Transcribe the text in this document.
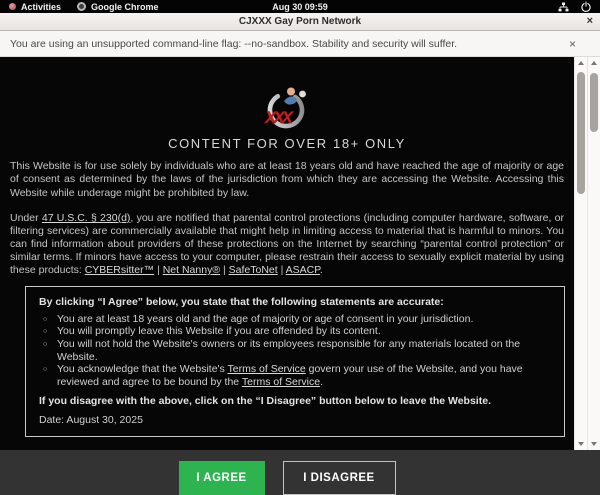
Activities	Google Chrome	Aug 30 09:59
CJXXX Gay Porn Network	×
You are using an unsupported command-line flag: --no-sandbox. Stability and security will suffer.	×
XXX
CONTENT FOR OVER 18+ ONLY

This Website is for use solely by individuals who are at least 18 years old and have reached the age of majority or age of consent as determined by the laws of the jurisdiction from which they are accessing the Website. Accessing this Website while underage might be prohibited by law.

Under 47 U.S.C. § 230(d), you are notified that parental control protections (including computer hardware, software, or filtering services) are commercially available that might help in limiting access to material that is harmful to minors. You can find information about providers of these protections on the Internet by searching “parental control protection” or similar terms. If minors have access to your computer, please restrain their access to sexually explicit material by using these products: CYBERsitter™ | Net Nanny® | SafeToNet | ASACP.

By clicking “I Agree” below, you state that the following statements are accurate:
○ You are at least 18 years old and the age of majority or age of consent in your jurisdiction.
○ You will promptly leave this Website if you are offended by its content.
○ You will not hold the Website's owners or its employees responsible for any materials located on the Website.
○ You acknowledge that the Website's Terms of Service govern your use of the Website, and you have reviewed and agree to be bound by the Terms of Service.
If you disagree with the above, click on the “I Disagree” button below to leave the Website.
Date: August 30, 2025
I AGREE	I DISAGREE
